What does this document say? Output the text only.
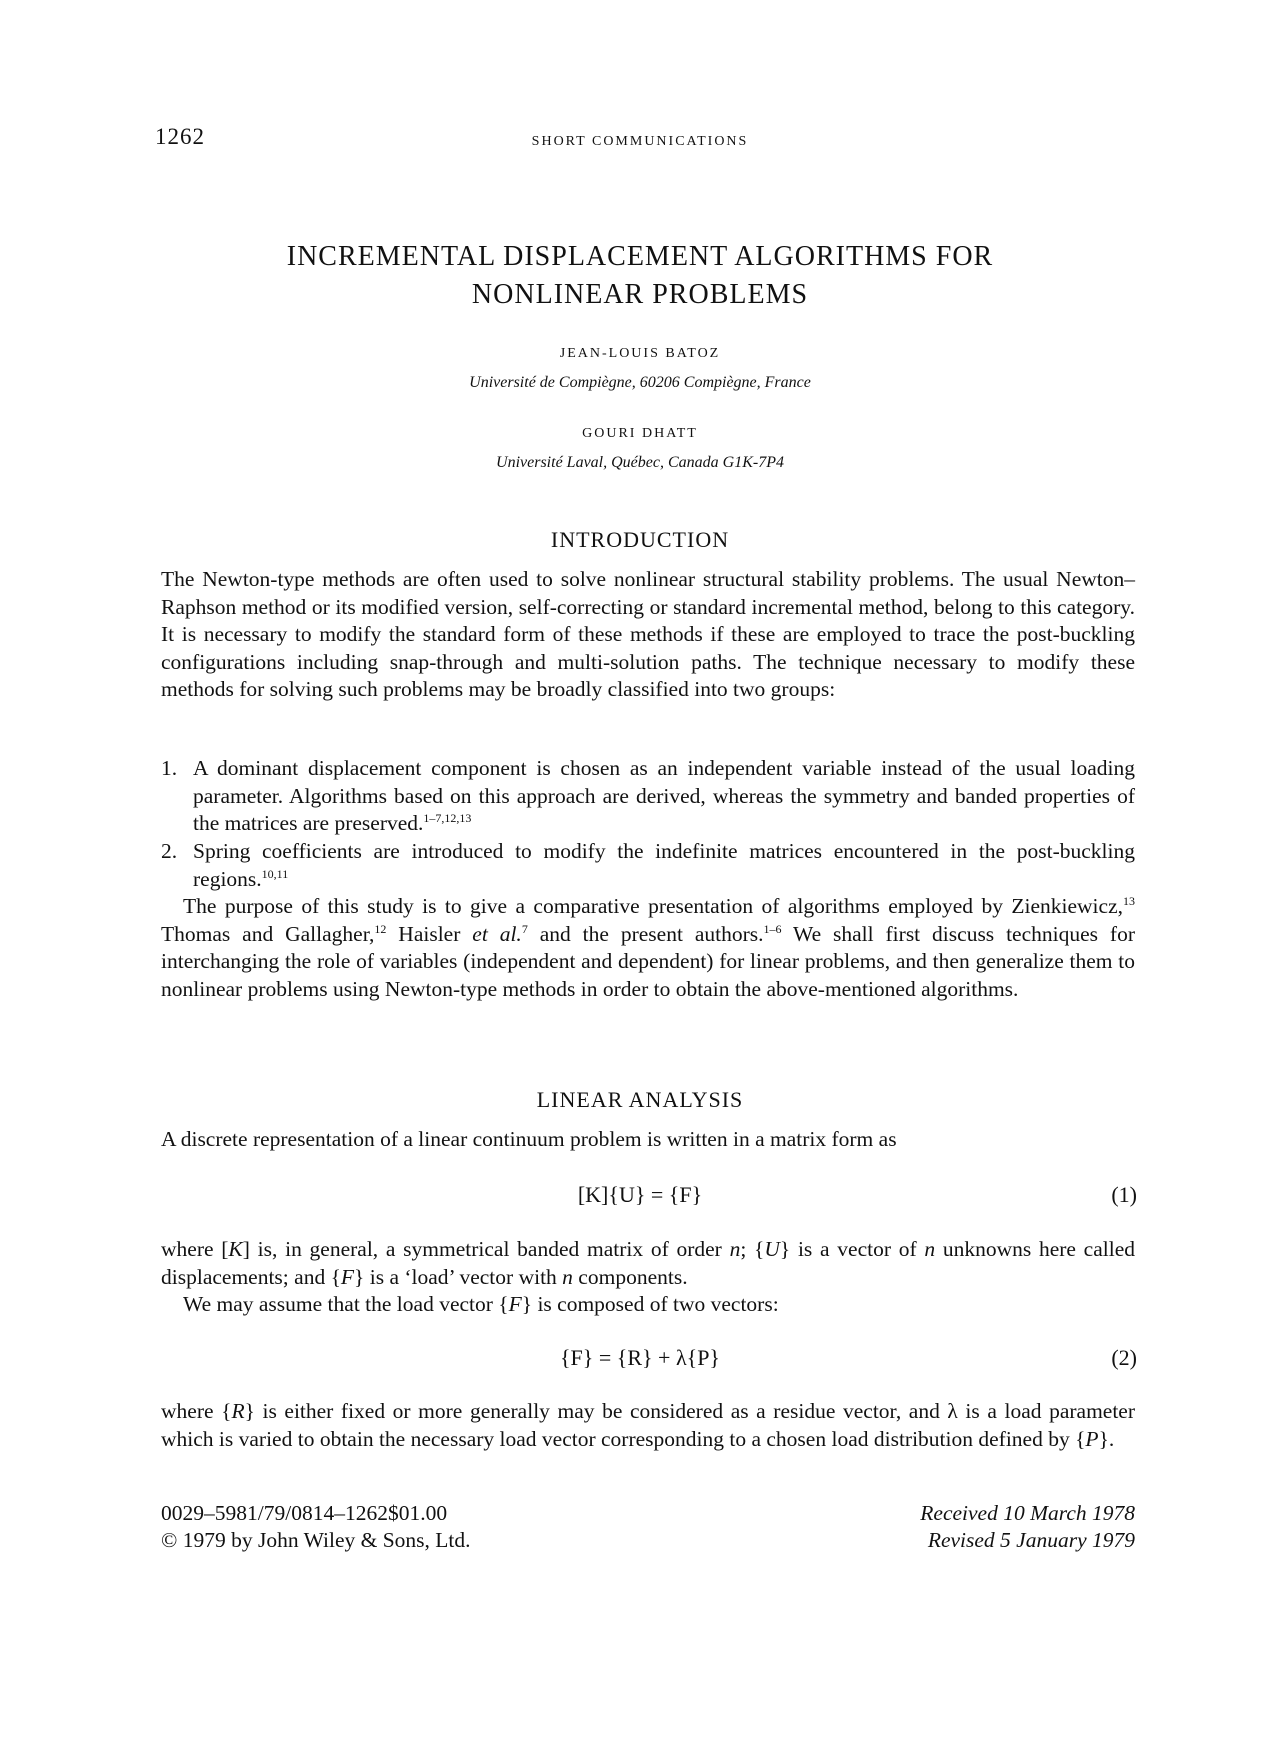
1262	SHORT COMMUNICATIONS
INCREMENTAL DISPLACEMENT ALGORITHMS FOR
NONLINEAR PROBLEMS
JEAN-LOUIS BATOZ
Université de Compiègne, 60206 Compiègne, France
GOURI DHATT
Université Laval, Québec, Canada G1K-7P4
INTRODUCTION

The Newton-type methods are often used to solve nonlinear structural stability problems. The usual Newton–Raphson method or its modified version, self-correcting or standard incremental method, belong to this category. It is necessary to modify the standard form of these methods if these are employed to trace the post-buckling configurations including snap-through and multi-solution paths. The technique necessary to modify these methods for solving such problems may be broadly classified into two groups:

1. A dominant displacement component is chosen as an independent variable instead of the usual loading parameter. Algorithms based on this approach are derived, whereas the symmetry and banded properties of the matrices are preserved.$^{1-7,12,13}$
2. Spring coefficients are introduced to modify the indefinite matrices encountered in the post-buckling regions.$^{10,11}$

The purpose of this study is to give a comparative presentation of algorithms employed by Zienkiewicz,$^{13}$ Thomas and Gallagher,$^{12}$ Haisler et al.$^7$ and the present authors.$^{1-6}$ We shall first discuss techniques for interchanging the role of variables (independent and dependent) for linear problems, and then generalize them to nonlinear problems using Newton-type methods in order to obtain the above-mentioned algorithms.

LINEAR ANALYSIS

A discrete representation of a linear continuum problem is written in a matrix form as

[K]{U} = {F}	(1)

where [K] is, in general, a symmetrical banded matrix of order n; {U} is a vector of n unknowns here called displacements; and {F} is a ‘load’ vector with n components.

We may assume that the load vector {F} is composed of two vectors:

{F} = {R} + λ{P}	(2)

where {R} is either fixed or more generally may be considered as a residue vector, and λ is a load parameter which is varied to obtain the necessary load vector corresponding to a chosen load distribution defined by {P}.

0029–5981/79/0814–1262$01.00
© 1979 by John Wiley & Sons, Ltd.
Received 10 March 1978
Revised 5 January 1979
